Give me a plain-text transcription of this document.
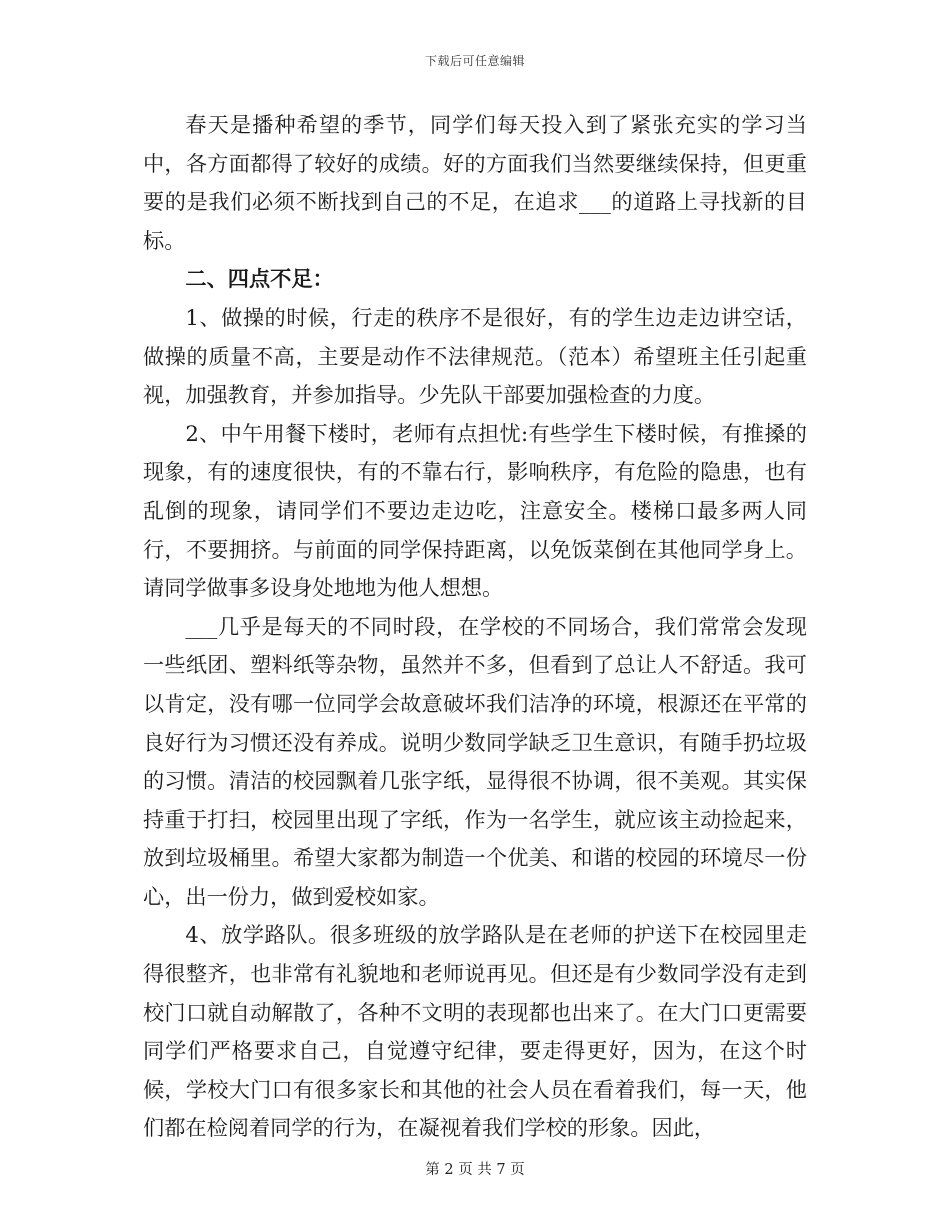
下载后可任意编辑

春天是播种希望的季节，同学们每天投入到了紧张充实的学习当中，各方面都得了较好的成绩。好的方面我们当然要继续保持，但更重要的是我们必须不断找到自己的不足，在追求___的道路上寻找新的目标。

二、四点不足：

1、做操的时候，行走的秩序不是很好，有的学生边走边讲空话，做操的质量不高，主要是动作不法律规范。（范本）希望班主任引起重视，加强教育，并参加指导。少先队干部要加强检查的力度。

2、中午用餐下楼时，老师有点担忧:有些学生下楼时候，有推搡的现象，有的速度很快，有的不靠右行，影响秩序，有危险的隐患，也有乱倒的现象，请同学们不要边走边吃，注意安全。楼梯口最多两人同行，不要拥挤。与前面的同学保持距离，以免饭菜倒在其他同学身上。请同学做事多设身处地地为他人想想。

___几乎是每天的不同时段，在学校的不同场合，我们常常会发现一些纸团、塑料纸等杂物，虽然并不多，但看到了总让人不舒适。我可以肯定，没有哪一位同学会故意破坏我们洁净的环境，根源还在平常的良好行为习惯还没有养成。说明少数同学缺乏卫生意识，有随手扔垃圾的习惯。清洁的校园飘着几张字纸，显得很不协调，很不美观。其实保持重于打扫，校园里出现了字纸，作为一名学生，就应该主动捡起来，放到垃圾桶里。希望大家都为制造一个优美、和谐的校园的环境尽一份心，出一份力，做到爱校如家。

4、放学路队。很多班级的放学路队是在老师的护送下在校园里走得很整齐，也非常有礼貌地和老师说再见。但还是有少数同学没有走到校门口就自动解散了，各种不文明的表现都也出来了。在大门口更需要同学们严格要求自己，自觉遵守纪律，要走得更好，因为，在这个时候，学校大门口有很多家长和其他的社会人员在看着我们，每一天，他们都在检阅着同学的行为，在凝视着我们学校的形象。因此，

第 2 页 共 7 页
